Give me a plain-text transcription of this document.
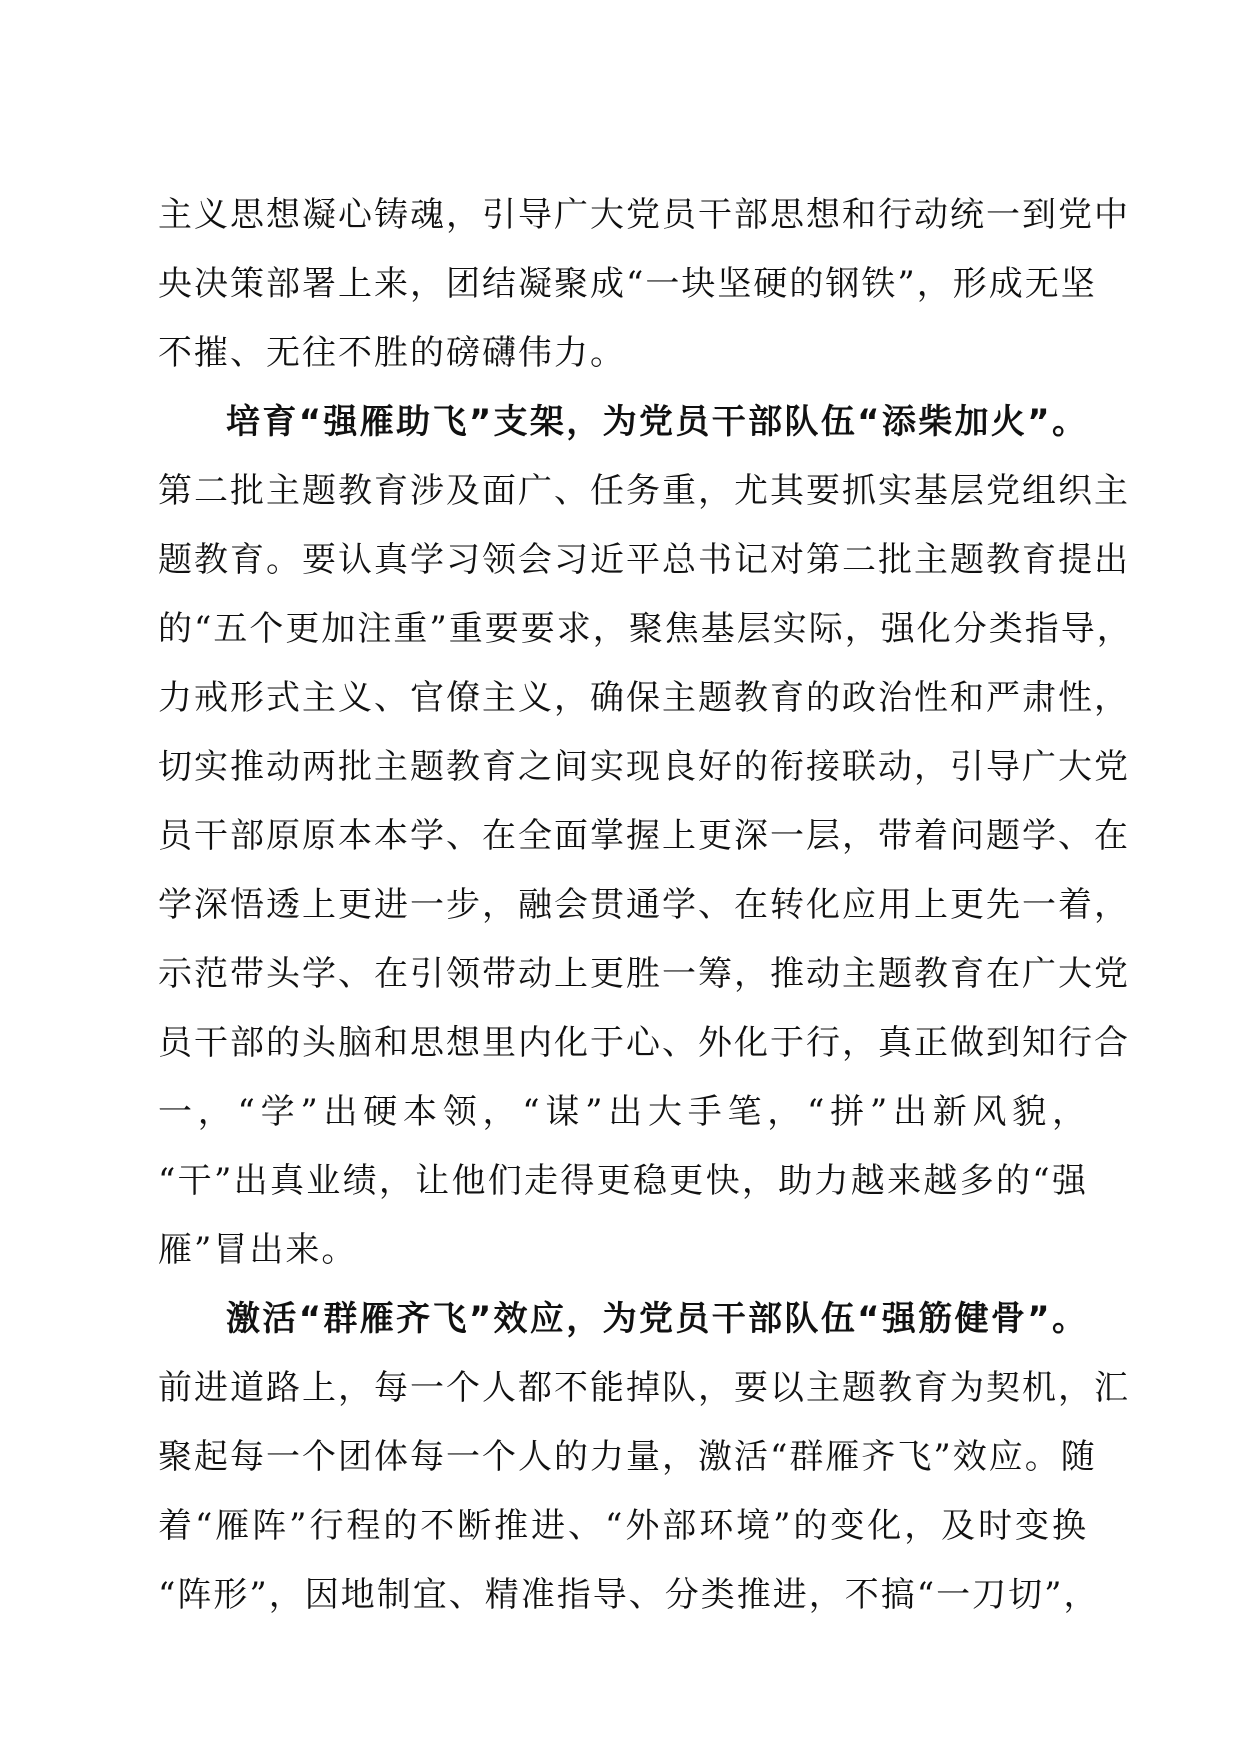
主义思想凝心铸魂，引导广大党员干部思想和行动统一到党中
央决策部署上来，团结凝聚成“一块坚硬的钢铁”，形成无坚
不摧、无往不胜的磅礴伟力。
培育“强雁助飞”支架，为党员干部队伍“添柴加火”。
第二批主题教育涉及面广、任务重，尤其要抓实基层党组织主
题教育。要认真学习领会习近平总书记对第二批主题教育提出
的“五个更加注重”重要要求，聚焦基层实际，强化分类指导，
力戒形式主义、官僚主义，确保主题教育的政治性和严肃性，
切实推动两批主题教育之间实现良好的衔接联动，引导广大党
员干部原原本本学、在全面掌握上更深一层，带着问题学、在
学深悟透上更进一步，融会贯通学、在转化应用上更先一着，
示范带头学、在引领带动上更胜一筹，推动主题教育在广大党
员干部的头脑和思想里内化于心、外化于行，真正做到知行合
一，“学”出硬本领，“谋”出大手笔，“拼”出新风貌，
“干”出真业绩，让他们走得更稳更快，助力越来越多的“强
雁”冒出来。
激活“群雁齐飞”效应，为党员干部队伍“强筋健骨”。
前进道路上，每一个人都不能掉队，要以主题教育为契机，汇
聚起每一个团体每一个人的力量，激活“群雁齐飞”效应。随
着“雁阵”行程的不断推进、“外部环境”的变化，及时变换
“阵形”，因地制宜、精准指导、分类推进，不搞“一刀切”，
